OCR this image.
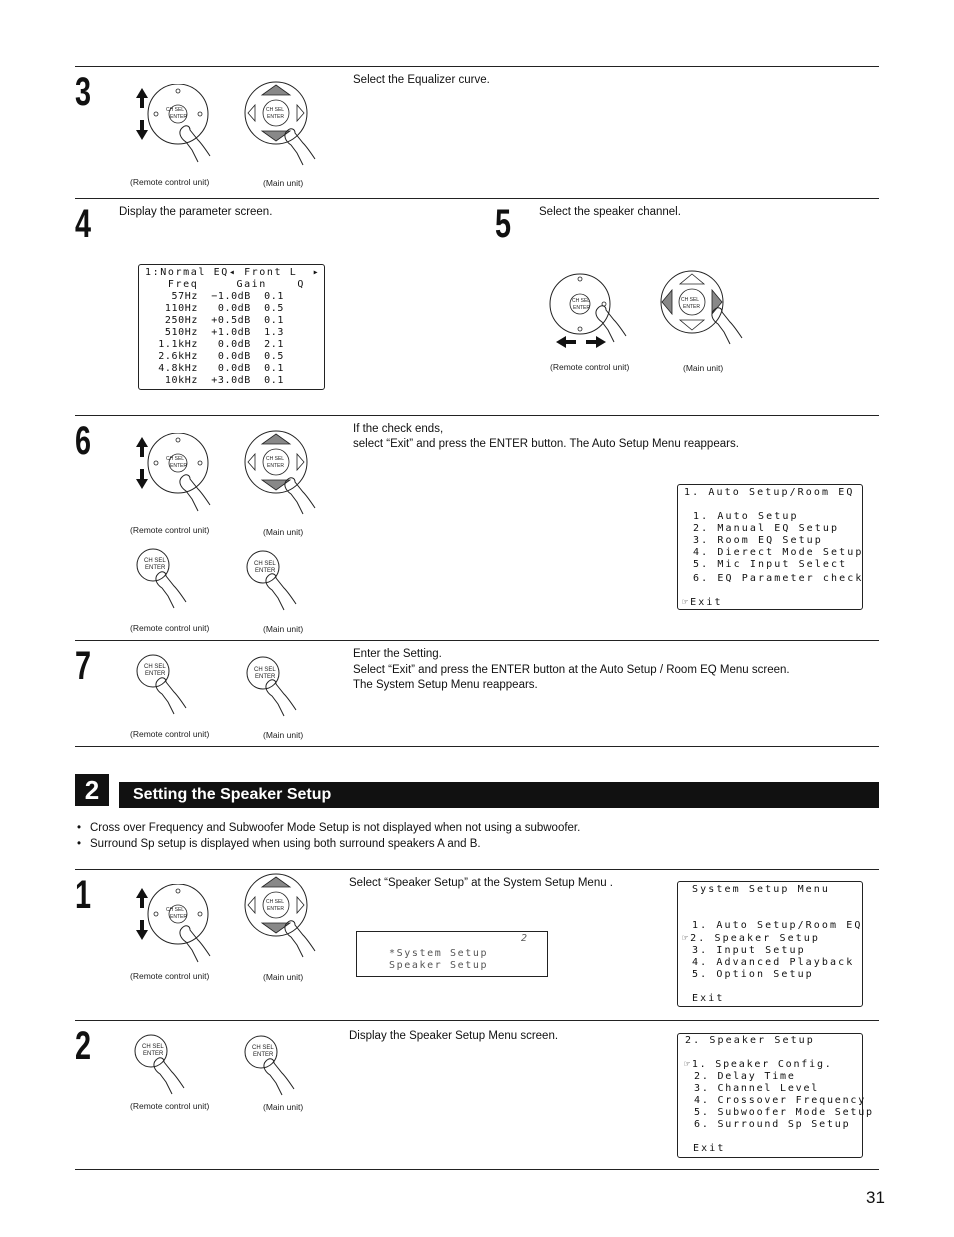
3	CH SEL
ENTER
CH SEL
ENTER
(Remote control unit)	(Main unit)
Select the Equalizer curve.
4 Display the parameter screen.
1:Normal EQ◂ Front L  ▸
Freq     Gain    Q
57Hz  −1.0dB  0.1
110Hz   0.0dB  0.5
250Hz  +0.5dB  0.1
510Hz  +1.0dB  1.3
1.1kHz   0.0dB  2.1
2.6kHz   0.0dB  0.5
4.8kHz   0.0dB  0.1
10kHz  +3.0dB  0.1
5 Select the speaker channel.
CH SEL
ENTER
CH SEL
ENTER
(Remote control unit)	(Main unit)
6	CH SEL
ENTER
CH SEL
ENTER
(Remote control unit)	(Main unit)
CH SEL
ENTER
CH SEL
ENTER
(Remote control unit)	(Main unit)
If the check ends,
select “Exit” and press the ENTER button. The Auto Setup Menu reappears.
1. Auto Setup/Room EQ
1. Auto Setup
2. Manual EQ Setup
3. Room EQ Setup
4. Dierect Mode Setup
5. Mic Input Select
6. EQ Parameter check
☞Exit
7	CH SEL
ENTER
CH SEL
ENTER
(Remote control unit)	(Main unit)
Enter the Setting.
Select “Exit” and press the ENTER button at the Auto Setup / Room EQ Menu screen.
The System Setup Menu reappears.
2	Setting the Speaker Setup
• Cross over Frequency and Subwoofer Mode Setup is not displayed when not using a subwoofer.
• Surround Sp setup is displayed when using both surround speakers A and B.
1	CH SEL
ENTER
CH SEL
ENTER
(Remote control unit)	(Main unit)
Select “Speaker Setup” at the System Setup Menu .
2
*System Setup
Speaker Setup
System Setup Menu
1. Auto Setup/Room EQ
☞2. Speaker Setup
3. Input Setup
4. Advanced Playback
5. Option Setup
Exit
2	CH SEL
ENTER
CH SEL
ENTER
(Remote control unit)	(Main unit)
Display the Speaker Setup Menu screen.	2. Speaker Setup
☞1. Speaker Config.
2. Delay Time
3. Channel Level
4. Crossover Frequency
5. Subwoofer Mode Setup
6. Surround Sp Setup
Exit
31
